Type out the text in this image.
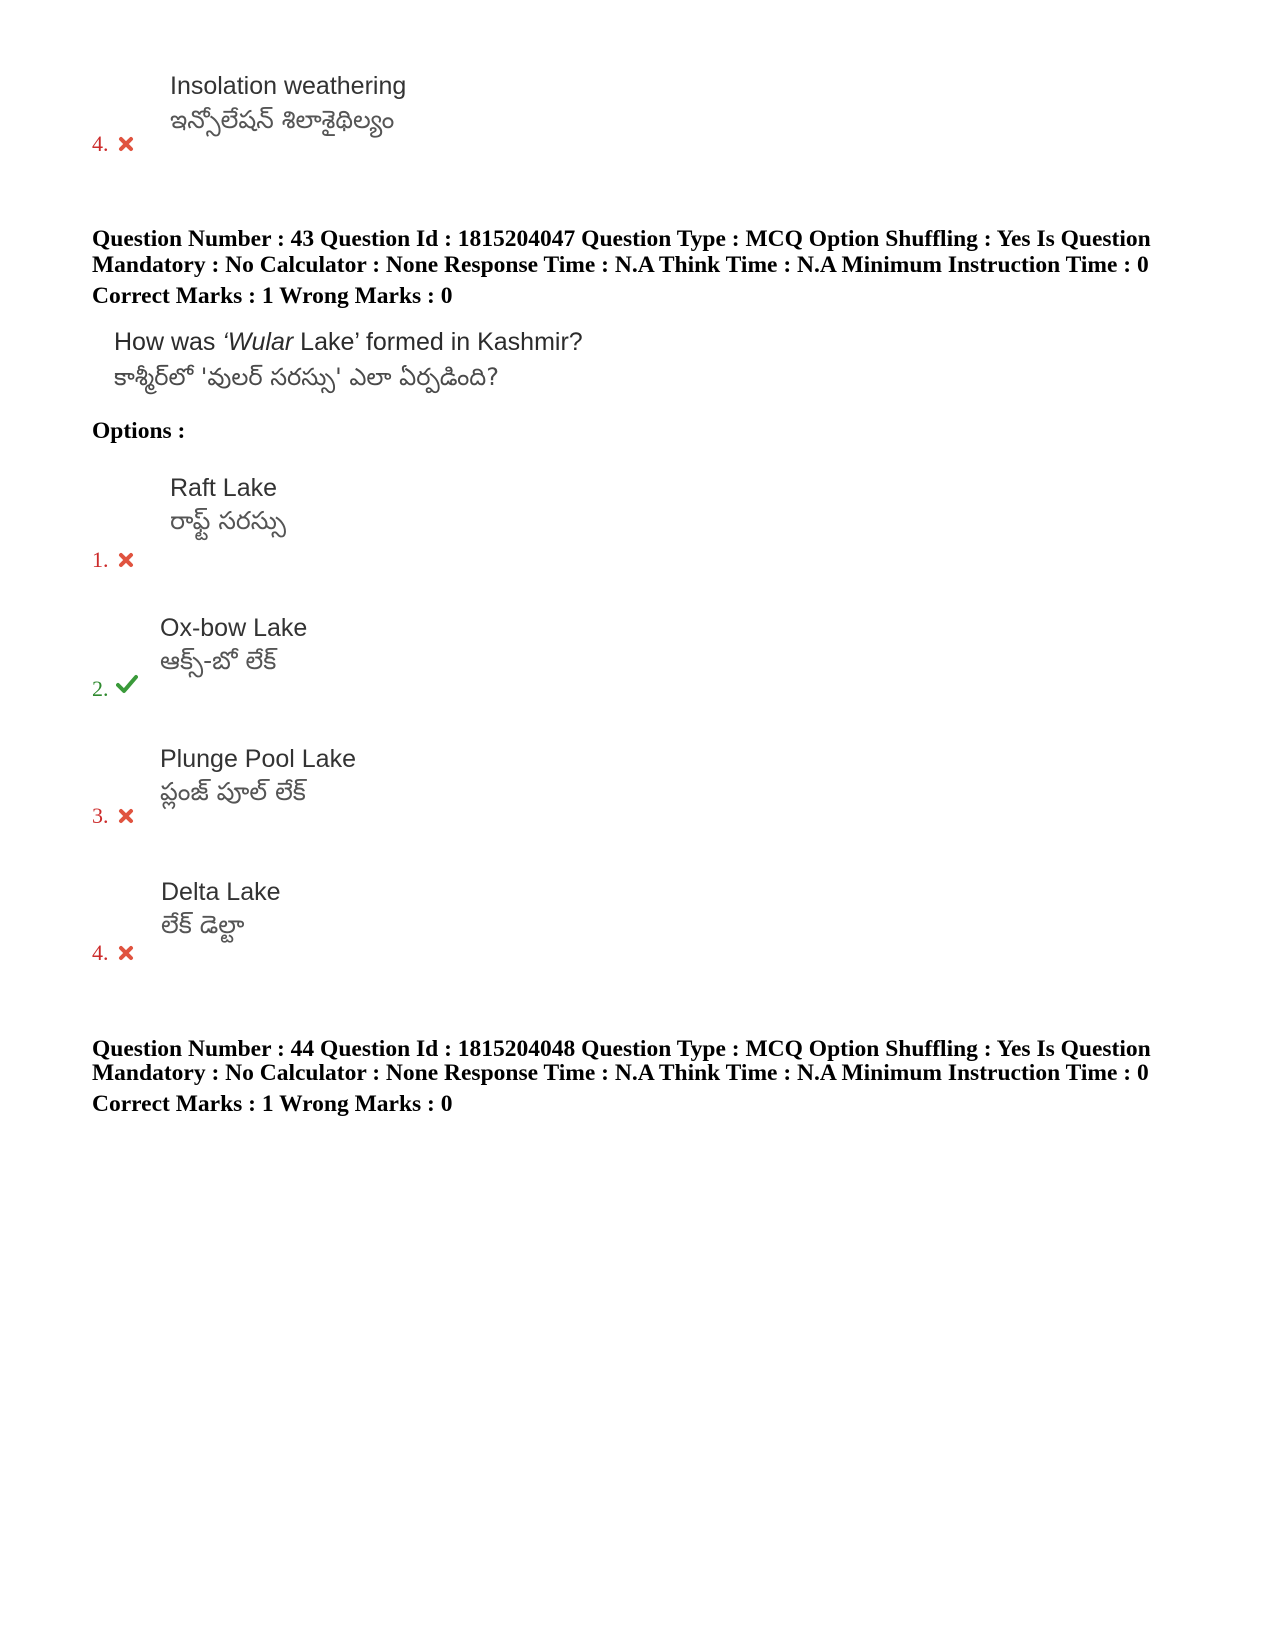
Insolation weathering
ఇన్సోలేషన్ శిలాశైథిల్యం
4.
Question Number : 43 Question Id : 1815204047 Question Type : MCQ Option Shuffling : Yes Is Question
Mandatory : No Calculator : None Response Time : N.A Think Time : N.A Minimum Instruction Time : 0
Correct Marks : 1 Wrong Marks : 0
How was ‘Wular Lake’ formed in Kashmir?
కాశ్మీర్‌లో 'వులర్ సరస్సు' ఎలా ఏర్పడింది?
Options :
Raft Lake
రాఫ్ట్ సరస్సు
1.
Ox-bow Lake
ఆక్స్-బో లేక్
2.
Plunge Pool Lake
ప్లంజ్ పూల్ లేక్
3.
Delta Lake
లేక్ డెల్టా
4.
Question Number : 44 Question Id : 1815204048 Question Type : MCQ Option Shuffling : Yes Is Question
Mandatory : No Calculator : None Response Time : N.A Think Time : N.A Minimum Instruction Time : 0
Correct Marks : 1 Wrong Marks : 0
